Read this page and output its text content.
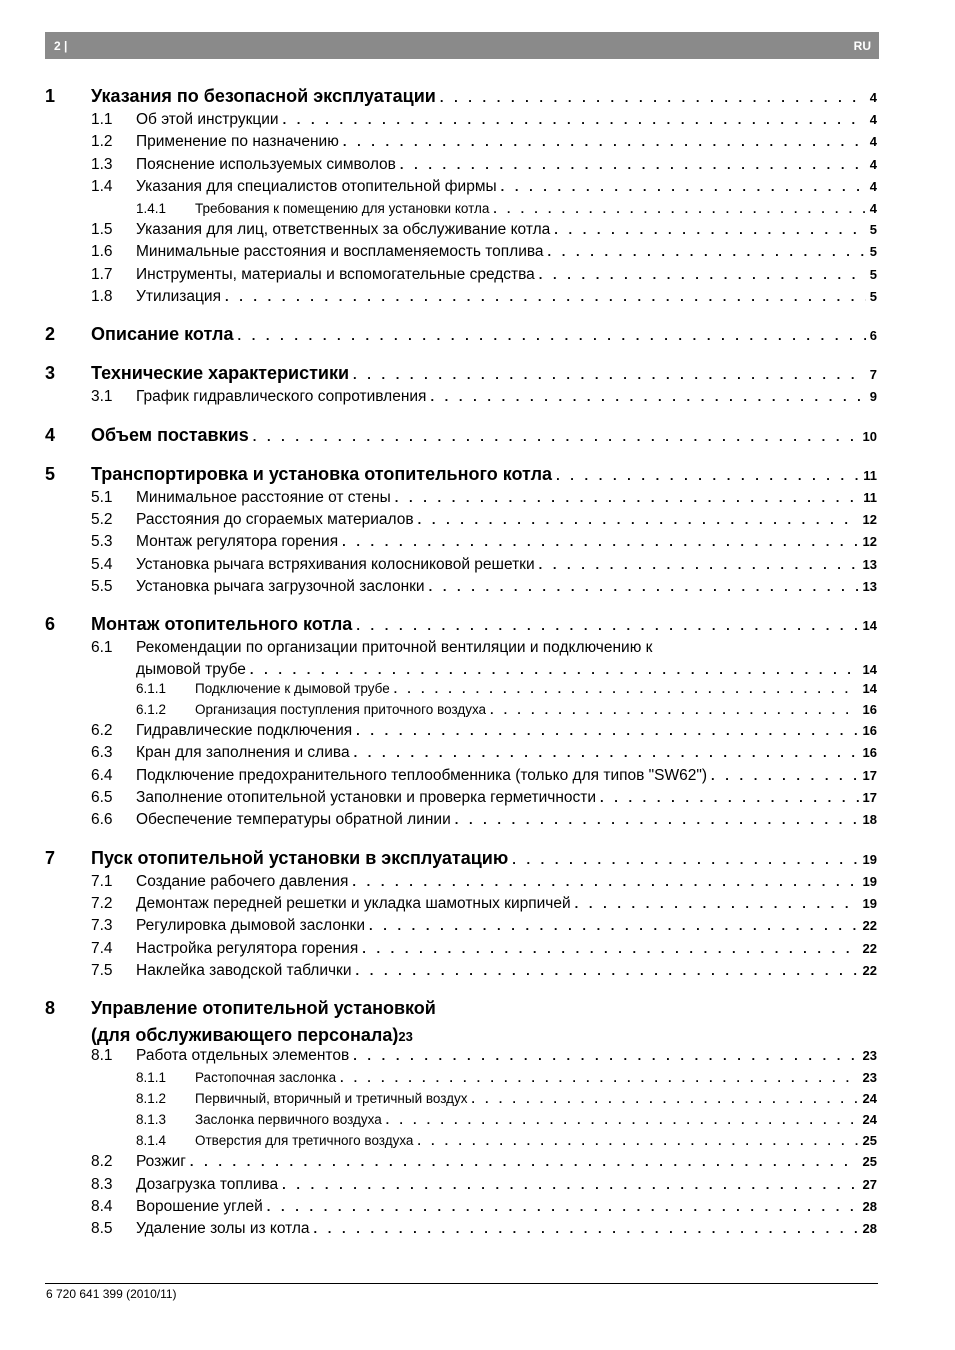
2 |	RU
1 Указания по безопасной эксплуатации . . .	4
1.1 Об этой инструкции . . .	4
1.2 Применение по назначению . . .	4
1.3 Пояснение используемых символов . . .	4
1.4 Указания для специалистов отопительной фирмы . . .	4
1.4.1 Требования к помещению для установки котла . . .	4
1.5 Указания для лиц, ответственных за обслуживание котла . . .	5
1.6 Минимальные расстояния и воспламеняемость топлива . . .	5
1.7 Инструменты, материалы и вспомогательные средства . . .	5
1.8 Утилизация . . .	5
2 Описание котла . . .	6
3 Технические характеристики . . .	7
3.1 График гидравлического сопротивления . . .	9
4 Объем поставкиs . . .	10
5 Транспортировка и установка отопительного котла . . .	11
5.1 Минимальное расстояние от стены . . .	11
5.2 Расстояния до сгораемых материалов . . .	12
5.3 Монтаж регулятора горения . . .	12
5.4 Установка рычага встряхивания колосниковой решетки . . .	13
5.5 Установка рычага загрузочной заслонки . . .	13
6 Монтаж отопительного котла . . .	14
6.1 Рекомендации по организации приточной вентиляции и подключению к
дымовой трубе . . .	14
6.1.1 Подключение к дымовой трубе . . .	14
6.1.2 Организация поступления приточного воздуха . . .	16
6.2 Гидравлические подключения . . .	16
6.3 Кран для заполнения и слива . . .	16
6.4 Подключение предохранительного теплообменника (только для типов "SW62") . . .	17
6.5 Заполнение отопительной установки и проверка герметичности . . .	17
6.6 Обеспечение температуры обратной линии . . .	18
7 Пуск отопительной установки в эксплуатацию . . .	19
7.1 Создание рабочего давления . . .	19
7.2 Демонтаж передней решетки и укладка шамотных кирпичей . . .	19
7.3 Регулировка дымовой заслонки . . .	22
7.4 Настройка регулятора горения . . .	22
7.5 Наклейка заводской таблички . . .	22
8 Управление отопительной установкой
(для обслуживающего персонала) 23
8.1 Работа отдельных элементов . . .	23
8.1.1 Растопочная заслонка . . .	23
8.1.2 Первичный, вторичный и третичный воздух . . .	24
8.1.3 Заслонка первичного воздуха . . .	24
8.1.4 Отверстия для третичного воздуха . . .	25
8.2 Розжиг . . .	25
8.3 Дозагрузка топлива . . .	27
8.4 Ворошение углей . . .	28
8.5 Удаление золы из котла . . .	28
6 720 641 399 (2010/11)
